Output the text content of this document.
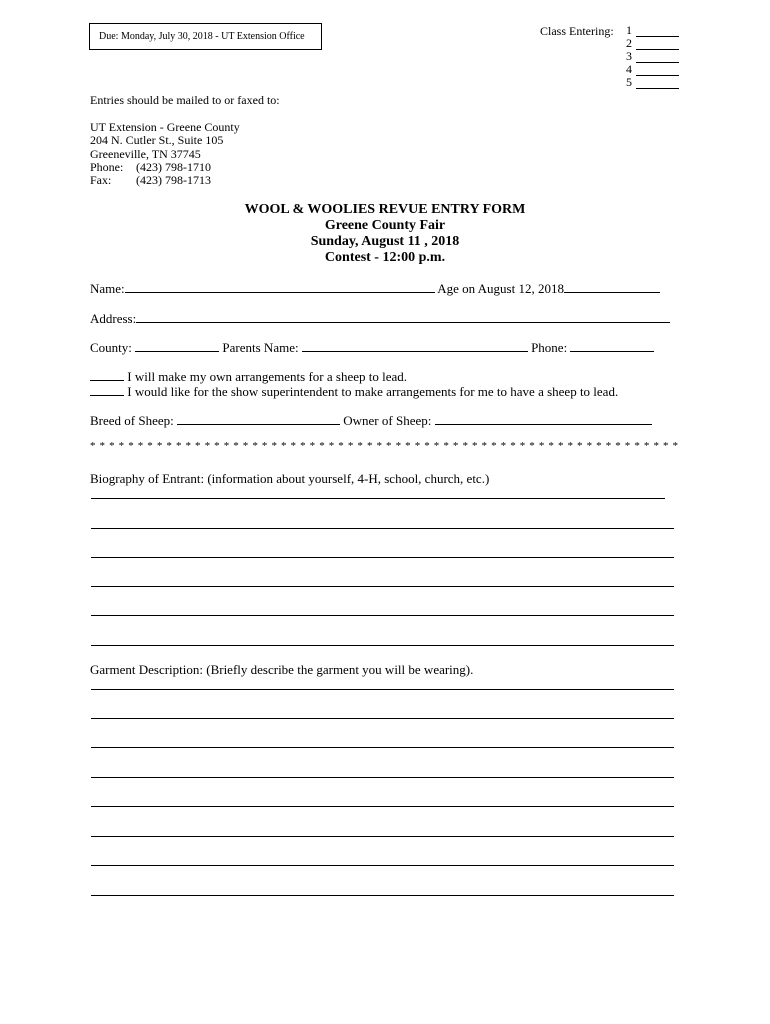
Due: Monday, July 30, 2018 - UT Extension Office	Class Entering: 1
2
3
4
5
Entries should be mailed to or faxed to:
UT Extension - Greene County
204 N. Cutler St., Suite 105
Greeneville, TN 37745
Phone: (423) 798-1710
Fax: (423) 798-1713
WOOL & WOOLIES REVUE ENTRY FORM
Greene County Fair
Sunday, August 11 , 2018
Contest - 12:00 p.m.
Name:	Age on August 12, 2018
Address:
County:	Parents Name:	Phone:
I will make my own arrangements for a sheep to lead.
I would like for the show superintendent to make arrangements for me to have a sheep to lead.
Breed of Sheep:	Owner of Sheep:
* * * * * * * * * * * * * * * * * * * * * * * * * * * * * * * * * * * * * * * * * * * * * * * * * * * * * * * * * * * * * *
Biography of Entrant: (information about yourself, 4-H, school, church, etc.)
Garment Description: (Briefly describe the garment you will be wearing).
